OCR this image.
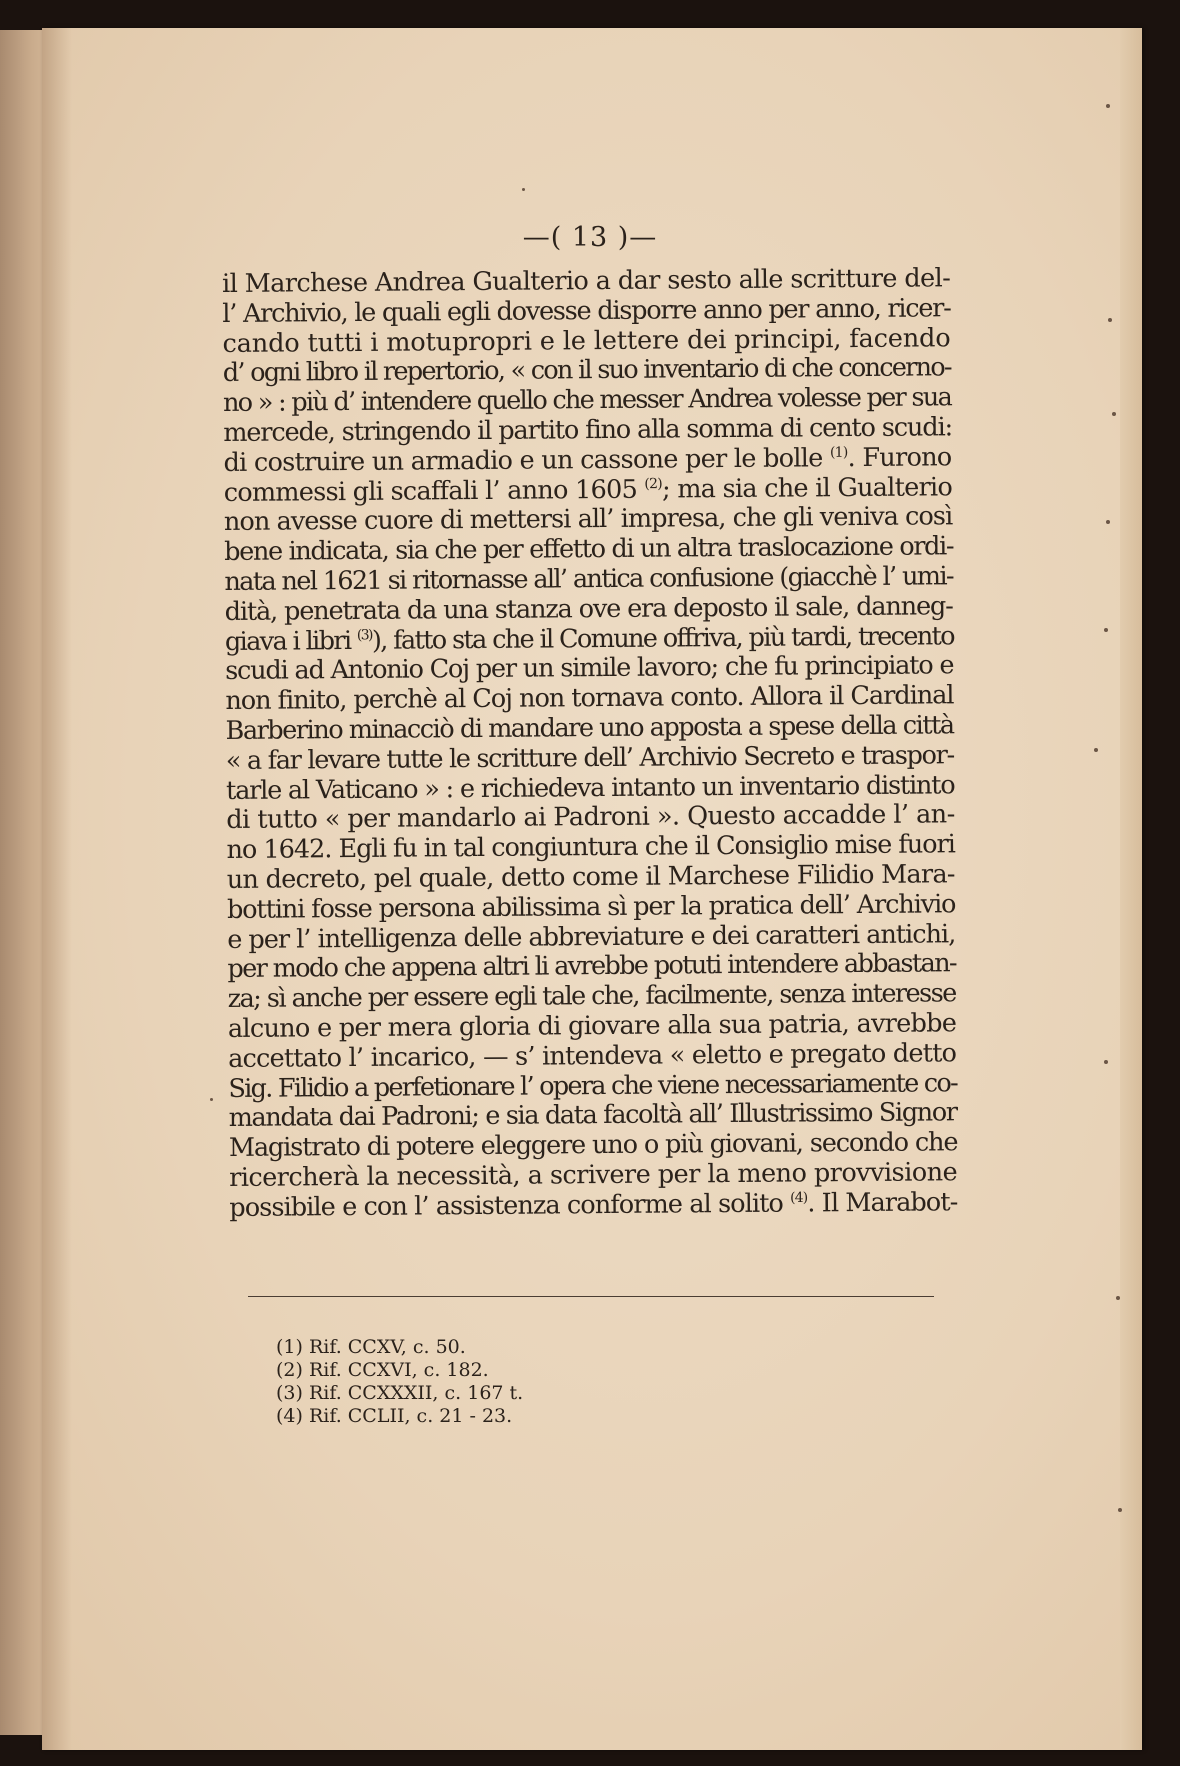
—( 13 )—
il Marchese Andrea Gualterio a dar sesto alle scritture del-
l’ Archivio, le quali egli dovesse disporre anno per anno, ricer-
cando tutti i motupropri e le lettere dei principi, facendo
d’ ogni libro il repertorio, « con il suo inventario di che concerno-
no » : più d’ intendere quello che messer Andrea volesse per sua
mercede, stringendo il partito fino alla somma di cento scudi:
di costruire un armadio e un cassone per le bolle $^{(1)}$. Furono
commessi gli scaffali l’ anno 1605 $^{(2)}$; ma sia che il Gualterio
non avesse cuore di mettersi all’ impresa, che gli veniva così
bene indicata, sia che per effetto di un altra traslocazione ordi-
nata nel 1621 si ritornasse all’ antica confusione (giacchè l’ umi-
dità, penetrata da una stanza ove era deposto il sale, danneg-
giava i libri $^{(3)}$), fatto sta che il Comune offriva, più tardi, trecento
scudi ad Antonio Coj per un simile lavoro; che fu principiato e
non finito, perchè al Coj non tornava conto. Allora il Cardinal
Barberino minacciò di mandare uno apposta a spese della città
« a far levare tutte le scritture dell’ Archivio Secreto e traspor-
tarle al Vaticano » : e richiedeva intanto un inventario distinto
di tutto « per mandarlo ai Padroni ». Questo accadde l’ an-
no 1642. Egli fu in tal congiuntura che il Consiglio mise fuori
un decreto, pel quale, detto come il Marchese Filidio Mara-
bottini fosse persona abilissima sì per la pratica dell’ Archivio
e per l’ intelligenza delle abbreviature e dei caratteri antichi,
per modo che appena altri li avrebbe potuti intendere abbastan-
za; sì anche per essere egli tale che, facilmente, senza interesse
alcuno e per mera gloria di giovare alla sua patria, avrebbe
accettato l’ incarico, — s’ intendeva « eletto e pregato detto
Sig. Filidio a perfetionare l’ opera che viene necessariamente co-
mandata dai Padroni; e sia data facoltà all’ Illustrissimo Signor
Magistrato di potere eleggere uno o più giovani, secondo che
ricercherà la necessità, a scrivere per la meno provvisione
possibile e con l’ assistenza conforme al solito $^{(4)}$. Il Marabot-
(1) Rif. CCXV, c. 50.
(2) Rif. CCXVI, c. 182.
(3) Rif. CCXXXII, c. 167 t.
(4) Rif. CCLII, c. 21 - 23.
